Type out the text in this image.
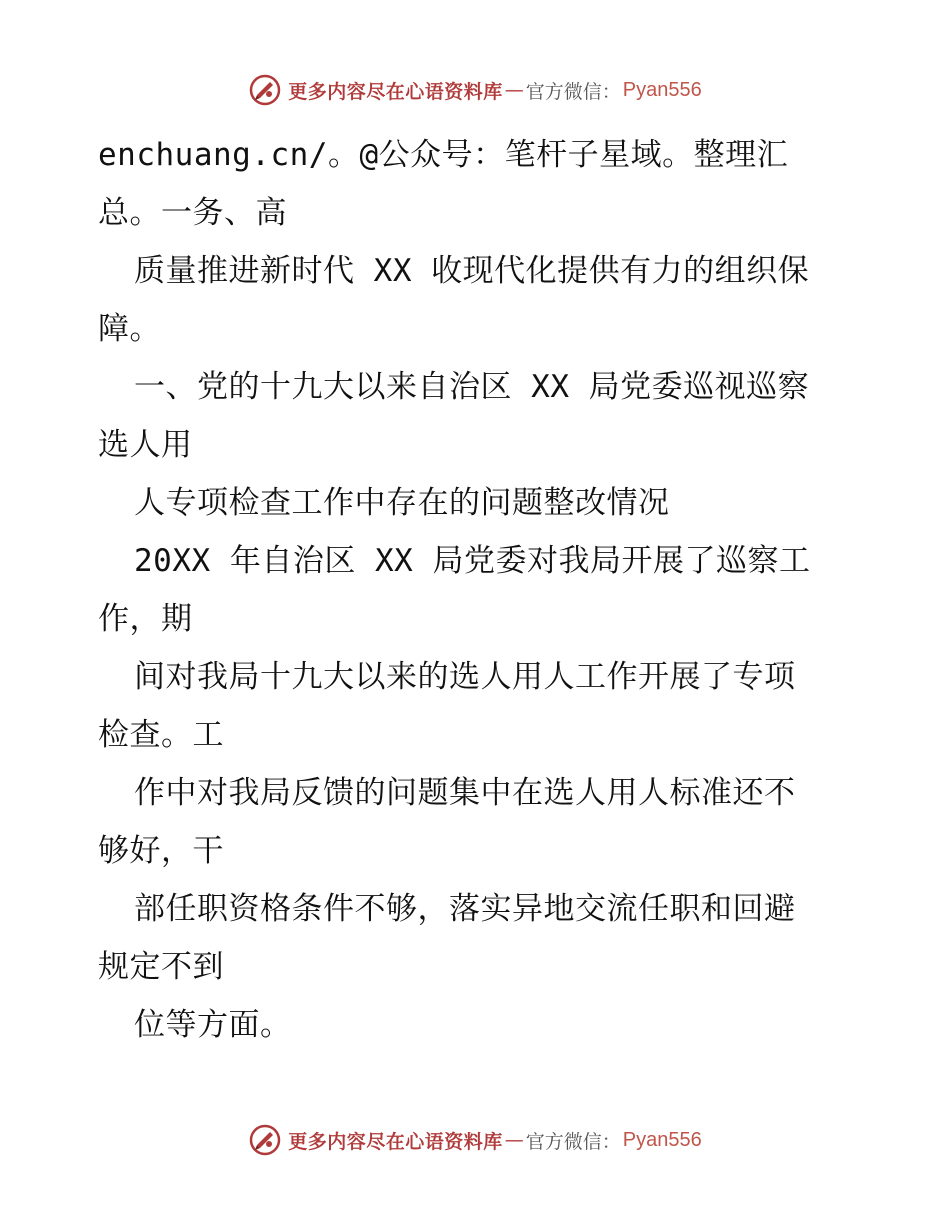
更多内容尽在心语资料库 — 官方微信： Pyan556
enchuang.cn/。@公众号：笔杆子星域。整理汇
总。一务、高
质量推进新时代 XX 收现代化提供有力的组织保
障。
一、党的十九大以来自治区 XX 局党委巡视巡察
选人用
人专项检查工作中存在的问题整改情况
20XX 年自治区 XX 局党委对我局开展了巡察工
作，期
间对我局十九大以来的选人用人工作开展了专项
检查。工
作中对我局反馈的问题集中在选人用人标准还不
够好，干
部任职资格条件不够，落实异地交流任职和回避
规定不到
位等方面。
更多内容尽在心语资料库 — 官方微信： Pyan556
